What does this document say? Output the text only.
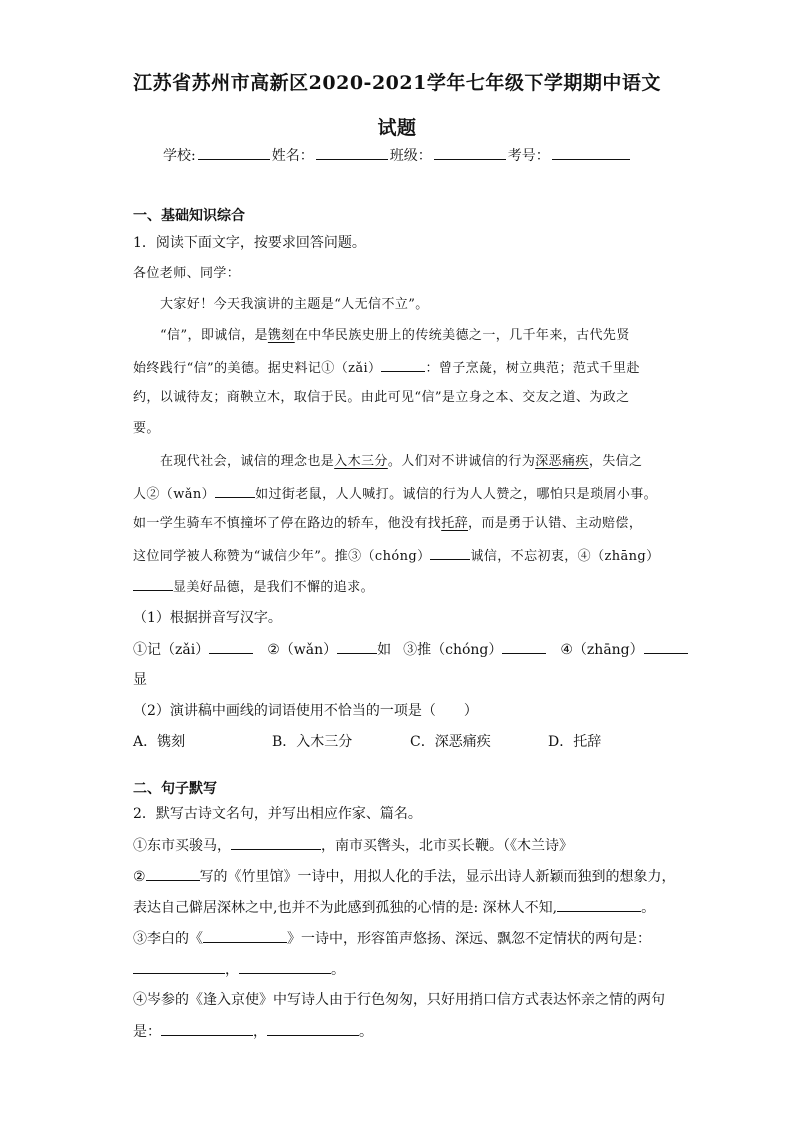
江苏省苏州市高新区2020-2021学年七年级下学期期中语文
试题
学校:	姓名：	班级：	考号：
一、基础知识综合
1．阅读下面文字，按要求回答问题。
各位老师、同学：
大家好！今天我演讲的主题是“人无信不立”。
“信”，即诚信，是镌刻在中华民族史册上的传统美德之一，几千年来，古代先贤
始终践行“信”的美德。据史料记①（zǎi）	：曾子烹彘，树立典范；范式千里赴
约，以诚待友；商鞅立木，取信于民。由此可见“信”是立身之本、交友之道、为政之
要。
在现代社会，诚信的理念也是入木三分。人们对不讲诚信的行为深恶痛疾，失信之
人②（wǎn）	如过街老鼠，人人喊打。诚信的行为人人赞之，哪怕只是琐屑小事。
如一学生骑车不慎撞坏了停在路边的轿车，他没有找托辞，而是勇于认错、主动赔偿，
这位同学被人称赞为“诚信少年”。推③（chóng）	诚信，不忘初衷，④（zhāng）
显美好品德，是我们不懈的追求。
（1）根据拼音写汉字。
①记（zǎi）	②（wǎn）	如 ③推（chóng）	④（zhāng）
显
（2）演讲稿中画线的词语使用不恰当的一项是（　　）
A．镌刻	B．入木三分	C．深恶痛疾	D．托辞
二、句子默写
2．默写古诗文名句，并写出相应作家、篇名。
①东市买骏马，	，南市买辔头，北市买长鞭。（《木兰诗》
②	写的《竹里馆》一诗中，用拟人化的手法，显示出诗人新颖而独到的想象力，
表达自己僻居深林之中,也并不为此感到孤独的心情的是: 深林人不知,	。
③李白的《	》一诗中，形容笛声悠扬、深远、飘忽不定情状的两句是：
，	。
④岑参的《逢入京使》中写诗人由于行色匆匆，只好用捎口信方式表达怀亲之情的两句
是：	，	。
